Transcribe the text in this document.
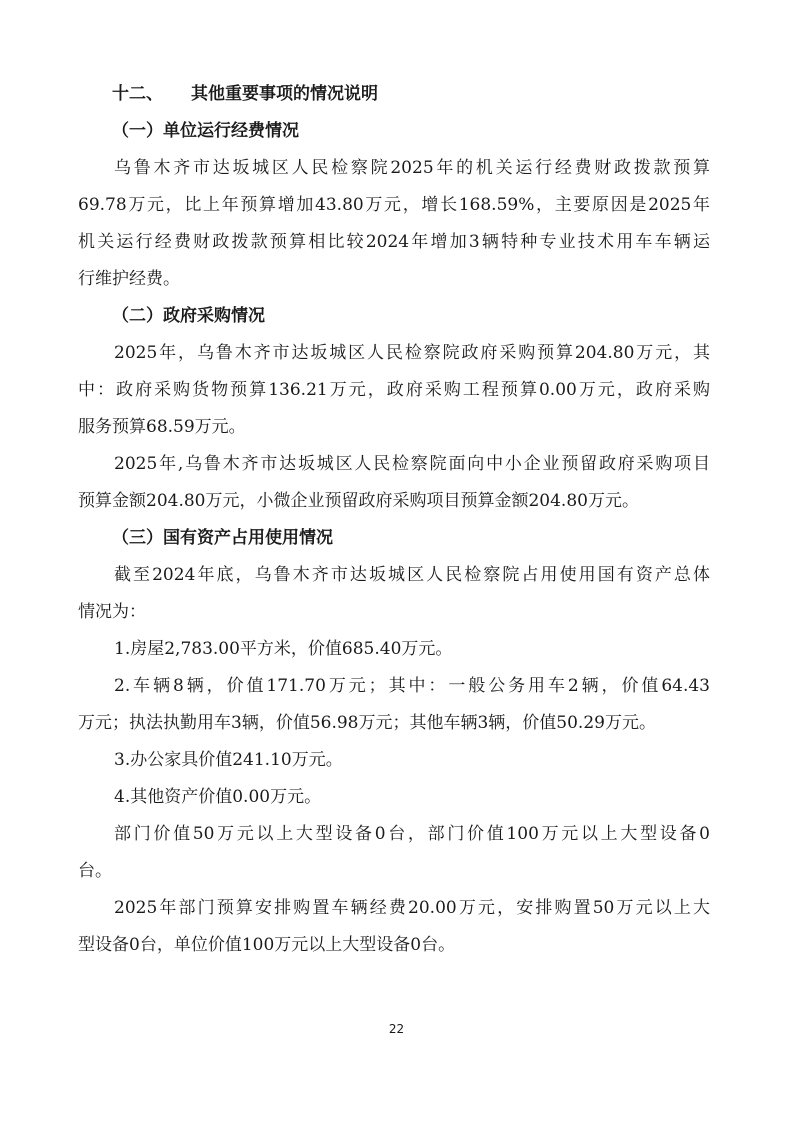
十二、 其他重要事项的情况说明
（一）单位运行经费情况
乌鲁木齐市达坂城区人民检察院2025年的机关运行经费财政拨款预算
69.78万元，比上年预算增加43.80万元，增长168.59%，主要原因是2025年
机关运行经费财政拨款预算相比较2024年增加3辆特种专业技术用车车辆运
行维护经费。
（二）政府采购情况
2025年，乌鲁木齐市达坂城区人民检察院政府采购预算204.80万元，其
中：政府采购货物预算136.21万元，政府采购工程预算0.00万元，政府采购
服务预算68.59万元。
2025年,乌鲁木齐市达坂城区人民检察院面向中小企业预留政府采购项目
预算金额204.80万元，小微企业预留政府采购项目预算金额204.80万元。
（三）国有资产占用使用情况
截至2024年底，乌鲁木齐市达坂城区人民检察院占用使用国有资产总体
情况为：
1.房屋2,783.00平方米，价值685.40万元。
2.车辆8辆，价值171.70万元；其中：一般公务用车2辆，价值64.43
万元；执法执勤用车3辆，价值56.98万元；其他车辆3辆，价值50.29万元。
3.办公家具价值241.10万元。
4.其他资产价值0.00万元。
部门价值50万元以上大型设备0台，部门价值100万元以上大型设备0
台。
2025年部门预算安排购置车辆经费20.00万元，安排购置50万元以上大
型设备0台，单位价值100万元以上大型设备0台。
22
